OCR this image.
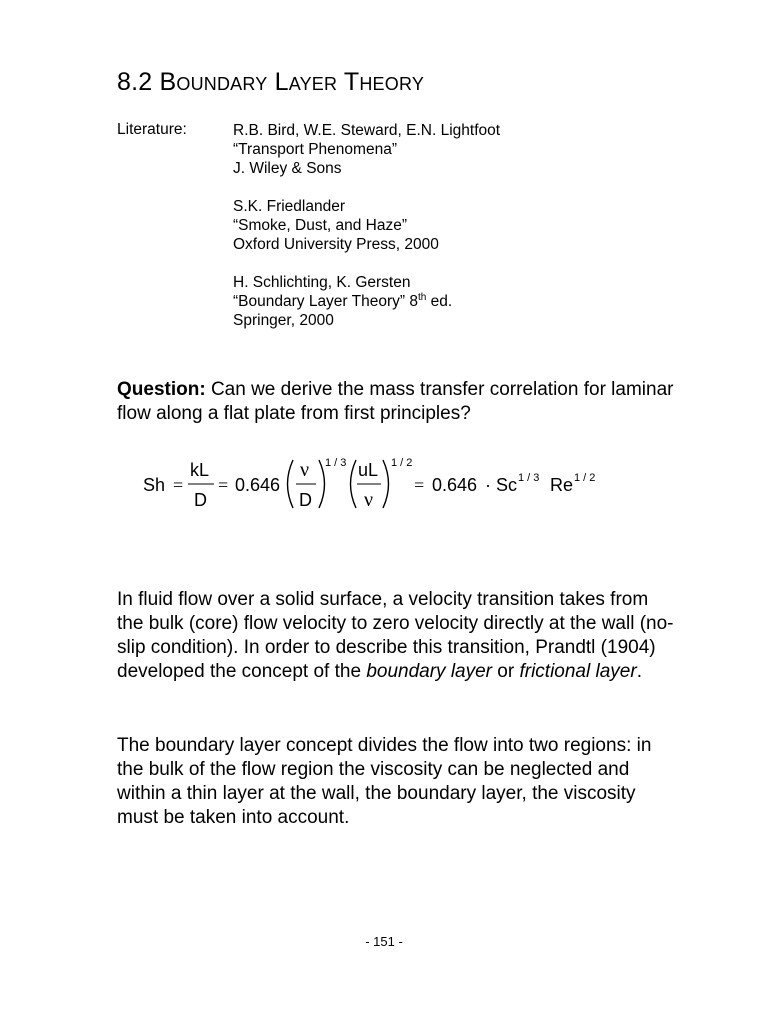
8.2 Boundary Layer Theory
Literature:	R.B. Bird, W.E. Steward, E.N. Lightfoot
“Transport Phenomena”
J. Wiley & Sons
S.K. Friedlander
“Smoke, Dust, and Haze”
Oxford University Press, 2000
H. Schlichting, K. Gersten
“Boundary Layer Theory” 8th ed.
Springer, 2000
Question: Can we derive the mass transfer correlation for laminar flow along a flat plate from first principles?
Sh =
kL
D
= 0.646
ν
D
1 / 3 uL
ν
1 / 2
= 0.646 · Sc 1 / 3 Re 1 / 2
In fluid flow over a solid surface, a velocity transition takes from the bulk (core) flow velocity to zero velocity directly at the wall (no-slip condition). In order to describe this transition, Prandtl (1904) developed the concept of the boundary layer or frictional layer.
The boundary layer concept divides the flow into two regions: in the bulk of the flow region the viscosity can be neglected and within a thin layer at the wall, the boundary layer, the viscosity must be taken into account.
- 151 -
